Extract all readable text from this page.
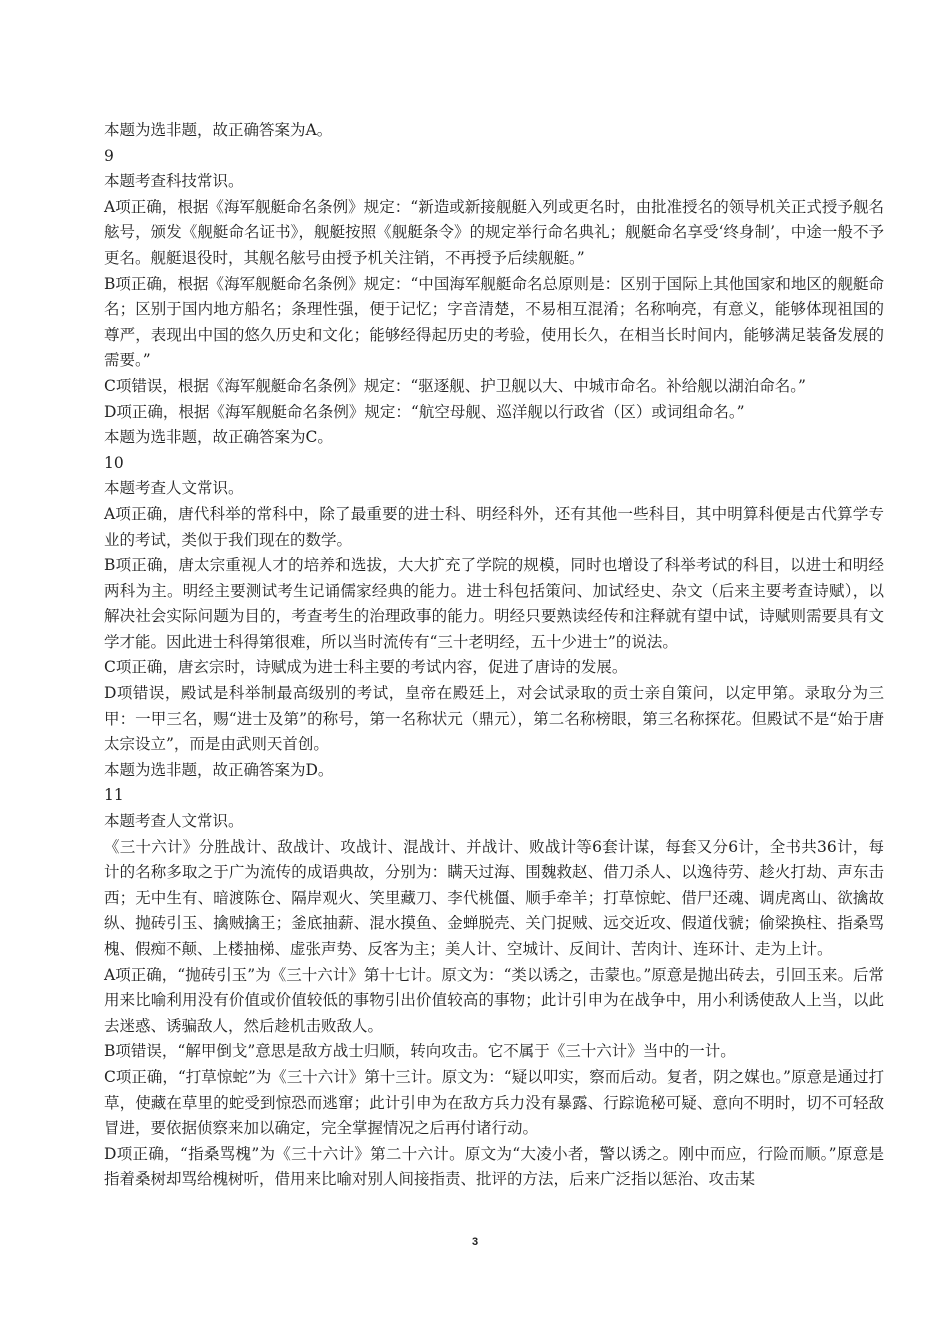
本题为选非题，故正确答案为A。

9

本题考查科技常识。

A项正确，根据《海军舰艇命名条例》规定：“新造或新接舰艇入列或更名时，由批准授名的领导机关正式授予舰名舷号，颁发《舰艇命名证书》，舰艇按照《舰艇条令》的规定举行命名典礼；舰艇命名享受‘终身制’，中途一般不予更名。舰艇退役时，其舰名舷号由授予机关注销，不再授予后续舰艇。”

B项正确，根据《海军舰艇命名条例》规定：“中国海军舰艇命名总原则是：区别于国际上其他国家和地区的舰艇命名；区别于国内地方船名；条理性强，便于记忆；字音清楚，不易相互混淆；名称响亮，有意义，能够体现祖国的尊严，表现出中国的悠久历史和文化；能够经得起历史的考验，使用长久，在相当长时间内，能够满足装备发展的需要。”

C项错误，根据《海军舰艇命名条例》规定：“驱逐舰、护卫舰以大、中城市命名。补给舰以湖泊命名。”

D项正确，根据《海军舰艇命名条例》规定：“航空母舰、巡洋舰以行政省（区）或词组命名。”

本题为选非题，故正确答案为C。

10

本题考查人文常识。

A项正确，唐代科举的常科中，除了最重要的进士科、明经科外，还有其他一些科目，其中明算科便是古代算学专业的考试，类似于我们现在的数学。

B项正确，唐太宗重视人才的培养和选拔，大大扩充了学院的规模，同时也增设了科举考试的科目，以进士和明经两科为主。明经主要测试考生记诵儒家经典的能力。进士科包括策问、加试经史、杂文（后来主要考查诗赋），以解决社会实际问题为目的，考查考生的治理政事的能力。明经只要熟读经传和注释就有望中试，诗赋则需要具有文学才能。因此进士科得第很难，所以当时流传有“三十老明经，五十少进士”的说法。

C项正确，唐玄宗时，诗赋成为进士科主要的考试内容，促进了唐诗的发展。

D项错误，殿试是科举制最高级别的考试，皇帝在殿廷上，对会试录取的贡士亲自策问，以定甲第。录取分为三甲：一甲三名，赐“进士及第”的称号，第一名称状元（鼎元），第二名称榜眼，第三名称探花。但殿试不是“始于唐太宗设立”，而是由武则天首创。

本题为选非题，故正确答案为D。

11

本题考查人文常识。

《三十六计》分胜战计、敌战计、攻战计、混战计、并战计、败战计等6套计谋，每套又分6计，全书共36计，每计的名称多取之于广为流传的成语典故，分别为：瞒天过海、围魏救赵、借刀杀人、以逸待劳、趁火打劫、声东击西；无中生有、暗渡陈仓、隔岸观火、笑里藏刀、李代桃僵、顺手牵羊；打草惊蛇、借尸还魂、调虎离山、欲擒故纵、抛砖引玉、擒贼擒王；釜底抽薪、混水摸鱼、金蝉脱壳、关门捉贼、远交近攻、假道伐虢；偷梁换柱、指桑骂槐、假痴不颠、上楼抽梯、虚张声势、反客为主；美人计、空城计、反间计、苦肉计、连环计、走为上计。

A项正确，“抛砖引玉”为《三十六计》第十七计。原文为：“类以诱之，击蒙也。”原意是抛出砖去，引回玉来。后常用来比喻利用没有价值或价值较低的事物引出价值较高的事物；此计引申为在战争中，用小利诱使敌人上当，以此去迷惑、诱骗敌人，然后趁机击败敌人。

B项错误，“解甲倒戈”意思是敌方战士归顺，转向攻击。它不属于《三十六计》当中的一计。

C项正确，“打草惊蛇”为《三十六计》第十三计。原文为：“疑以叩实，察而后动。复者，阴之媒也。”原意是通过打草，使藏在草里的蛇受到惊恐而逃窜；此计引申为在敌方兵力没有暴露、行踪诡秘可疑、意向不明时，切不可轻敌冒进，要依据侦察来加以确定，完全掌握情况之后再付诸行动。

D项正确，“指桑骂槐”为《三十六计》第二十六计。原文为“大凌小者，警以诱之。刚中而应，行险而顺。”原意是指着桑树却骂给槐树听，借用来比喻对别人间接指责、批评的方法，后来广泛指以惩治、攻击某

3
